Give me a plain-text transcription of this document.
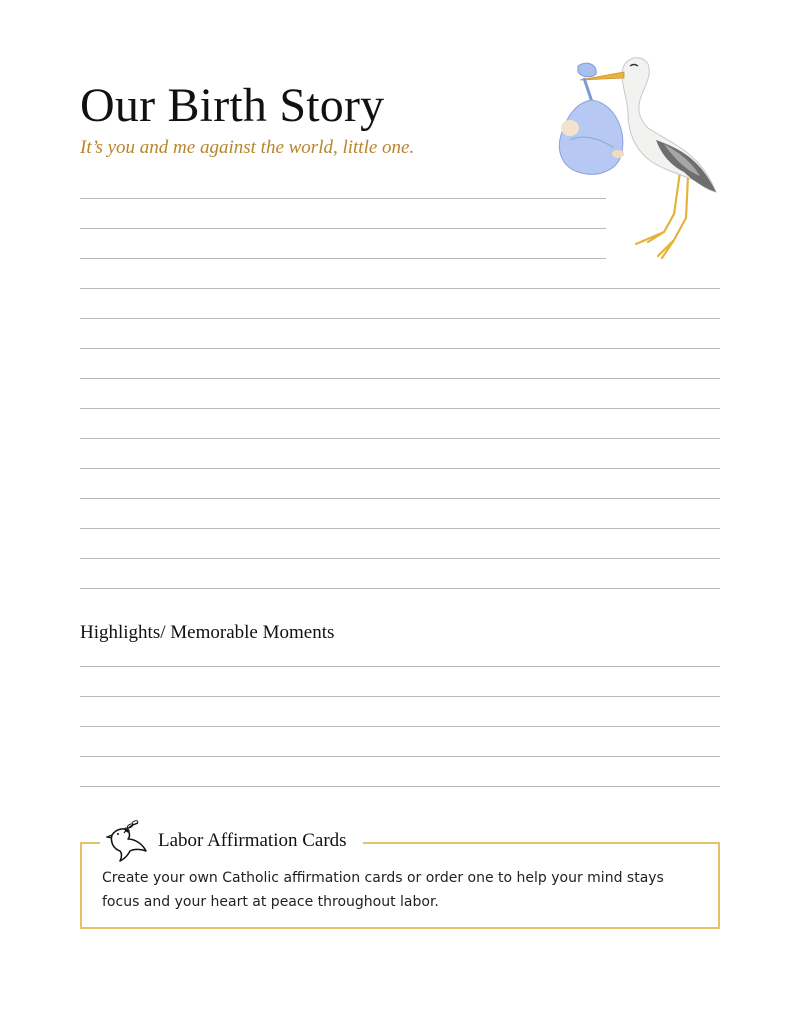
Our Birth Story
It’s you and me against the world, little one.
Highlights/ Memorable Moments
Labor Affirmation Cards
Create your own Catholic affirmation cards or order one to help your mind stays focus and your heart at peace throughout labor.
